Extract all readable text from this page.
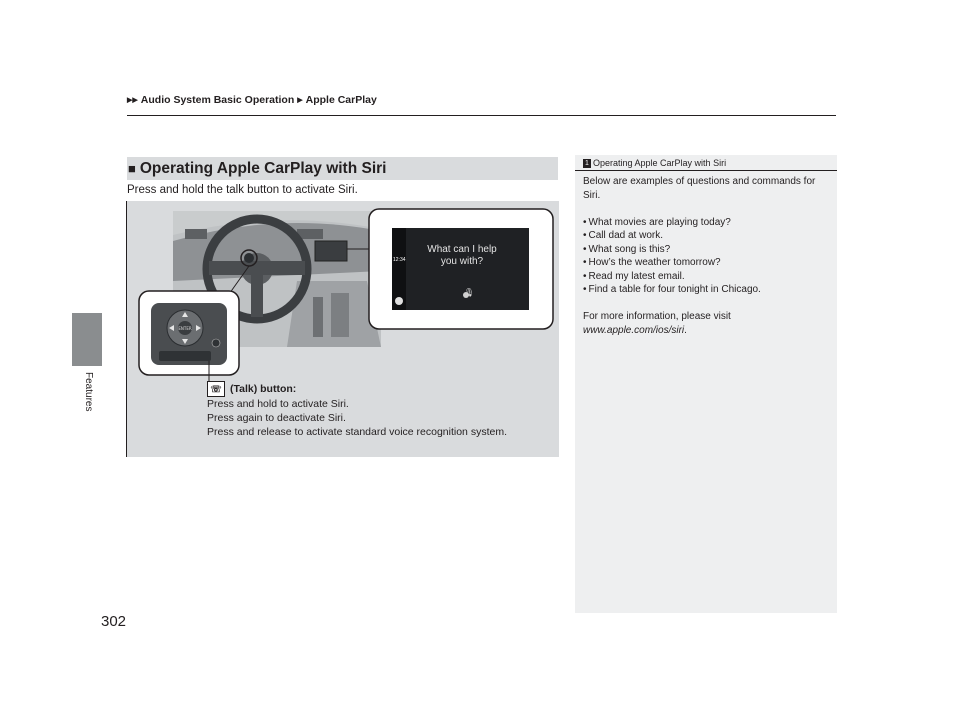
▶▶ Audio System Basic Operation ▶ Apple CarPlay
Features
302
■ Operating Apple CarPlay with Siri
Press and hold the talk button to activate Siri.
ENTER
What can I help
you with?
12:34
🎙
☏ (Talk) button:
Press and hold to activate Siri.
Press again to deactivate Siri.
Press and release to activate standard voice recognition system.
1 Operating Apple CarPlay with Siri

Below are examples of questions and commands for

Siri.

• What movies are playing today?
• Call dad at work.
• What song is this?
• How’s the weather tomorrow?
• Read my latest email.
• Find a table for four tonight in Chicago.

For more information, please visit

www.apple.com/ios/siri.
